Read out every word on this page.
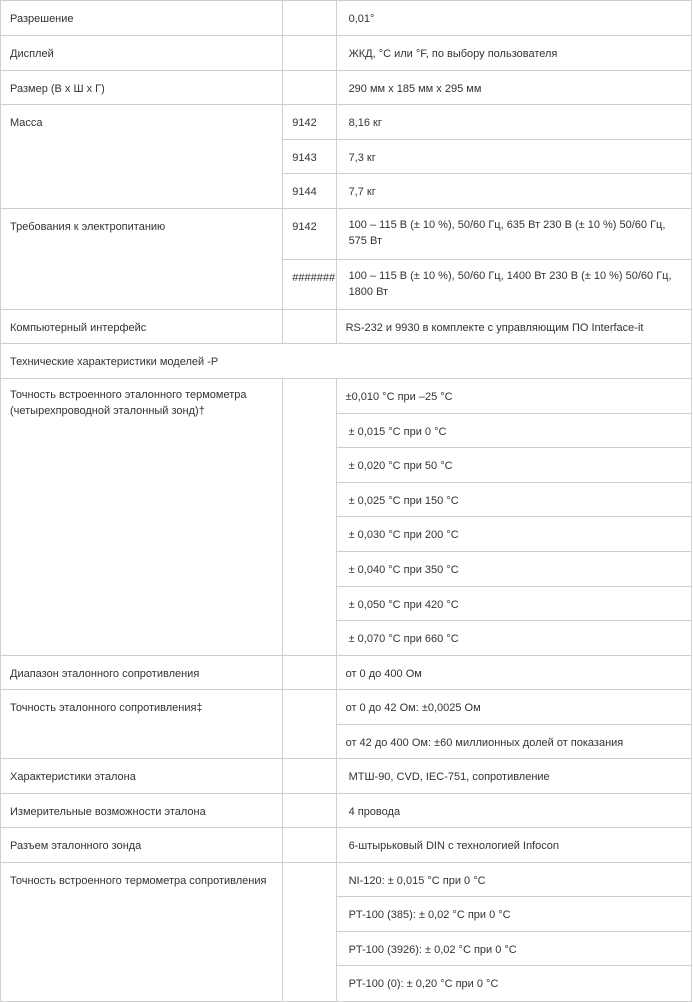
Разрешение		0,01°

Дисплей		ЖКД, °C или °F, по выбору пользователя

Размер (В x Ш x Г)		290 мм x 185 мм x 295 мм

Масса	9142	8,16 кг

	9143	7,3 кг

	9144	7,7 кг

Требования к электропитанию	9142	100 – 115 В (± 10 %), 50/60 Гц, 635 Вт 230 В (± 10 %) 50/60 Гц, 575 Вт

	#######	100 – 115 В (± 10 %), 50/60 Гц, 1400 Вт 230 В (± 10 %) 50/60 Гц, 1800 Вт

Компьютерный интерфейс		RS-232 и 9930 в комплекте с управляющим ПО Interface-it

Технические характеристики моделей -P		

Точность встроенного эталонного термометра (четырехпроводной эталонный зонд)†		±0,010 °C при –25 °C

		± 0,015 °C при 0 °C

		± 0,020 °C при 50 °C

		± 0,025 °C при 150 °C

		± 0,030 °C при 200 °C

		± 0,040 °C при 350 °C

		± 0,050 °C при 420 °C

		± 0,070 °C при 660 °C

Диапазон эталонного сопротивления		от 0 до 400 Ом

Точность эталонного сопротивления‡		от 0 до 42 Ом: ±0,0025 Ом

		от 42 до 400 Ом: ±60 миллионных долей от показания

Характеристики эталона		МТШ-90, CVD, IEC-751, сопротивление

Измерительные возможности эталона		4 провода

Разъем эталонного зонда		6-штырьковый DIN с технологией Infocon

Точность встроенного термометра сопротивления		NI-120: ± 0,015 °C при 0 °C

		PT-100 (385): ± 0,02 °C при 0 °C

		PT-100 (3926): ± 0,02 °C при 0 °C

		PT-100 (0): ± 0,20 °C при 0 °C
